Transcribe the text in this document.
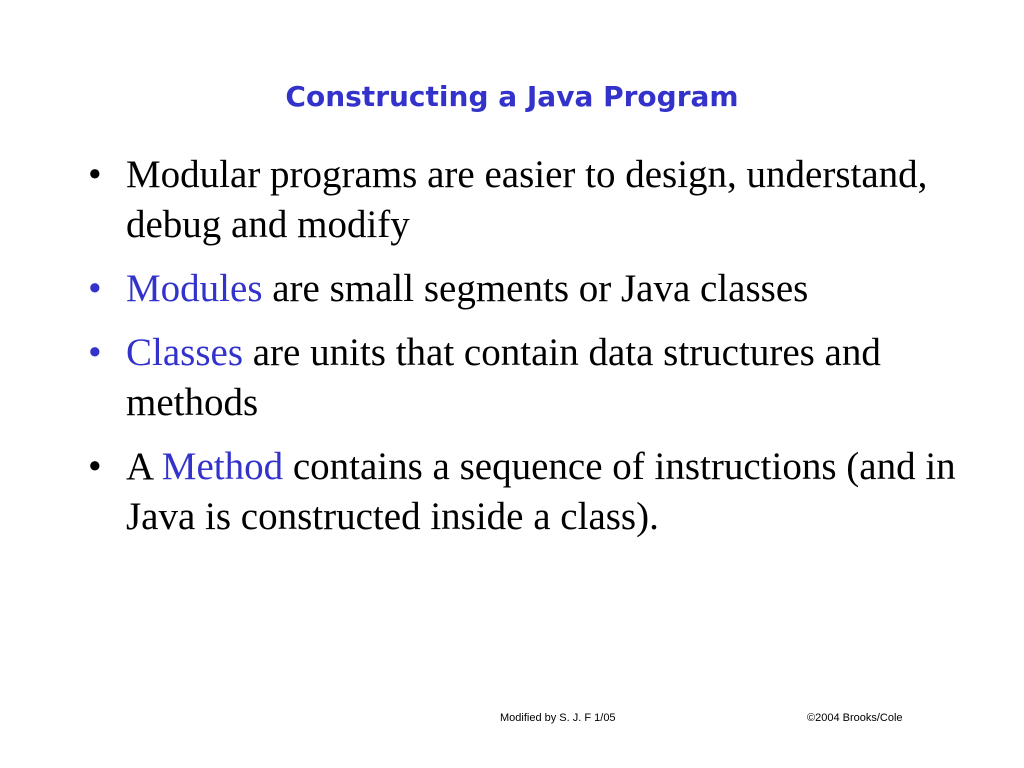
Constructing a Java Program
• Modular programs are easier to design, understand, debug and modify
• Modules are small segments or Java classes
• Classes are units that contain data structures and methods
• A Method contains a sequence of instructions (and in Java is constructed inside a class).
Modified by S. J. F 1/05	©2004 Brooks/Cole
